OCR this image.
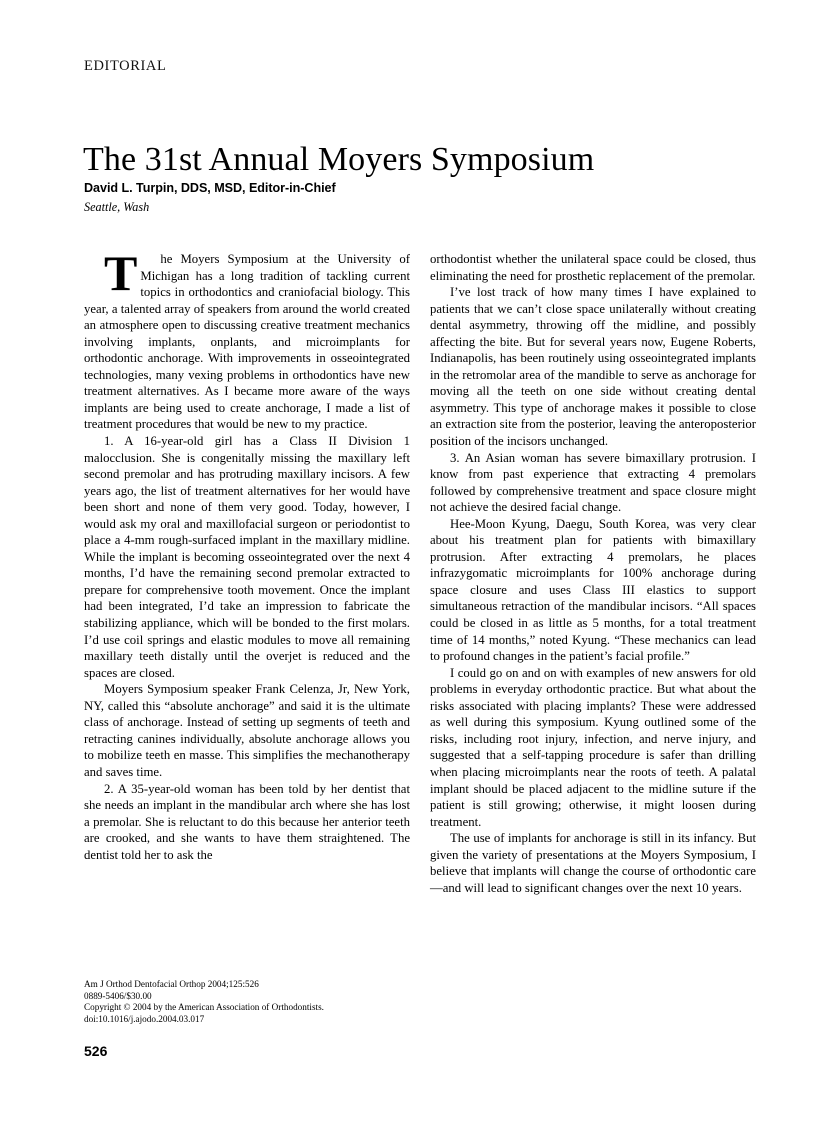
EDITORIAL
The 31st Annual Moyers Symposium
David L. Turpin, DDS, MSD, Editor-in-Chief
Seattle, Wash

T he Moyers Symposium at the University of Michigan has a long tradition of tackling current topics in orthodontics and craniofacial biology. This year, a talented array of speakers from around the world created an atmosphere open to discussing creative treatment mechanics involving implants, onplants, and microimplants for orthodontic anchorage. With improvements in osseointegrated technologies, many vexing problems in orthodontics have new treatment alternatives. As I became more aware of the ways implants are being used to create anchorage, I made a list of treatment procedures that would be new to my practice.

1. A 16-year-old girl has a Class II Division 1 malocclusion. She is congenitally missing the maxillary left second premolar and has protruding maxillary incisors. A few years ago, the list of treatment alternatives for her would have been short and none of them very good. Today, however, I would ask my oral and maxillofacial surgeon or periodontist to place a 4-mm rough-surfaced implant in the maxillary midline. While the implant is becoming osseointegrated over the next 4 months, I’d have the remaining second premolar extracted to prepare for comprehensive tooth movement. Once the implant had been integrated, I’d take an impression to fabricate the stabilizing appliance, which will be bonded to the first molars. I’d use coil springs and elastic modules to move all remaining maxillary teeth distally until the overjet is reduced and the spaces are closed.

Moyers Symposium speaker Frank Celenza, Jr, New York, NY, called this “absolute anchorage” and said it is the ultimate class of anchorage. Instead of setting up segments of teeth and retracting canines individually, absolute anchorage allows you to mobilize teeth en masse. This simplifies the mechanotherapy and saves time.

2. A 35-year-old woman has been told by her dentist that she needs an implant in the mandibular arch where she has lost a premolar. She is reluctant to do this because her anterior teeth are crooked, and she wants to have them straightened. The dentist told her to ask the

orthodontist whether the unilateral space could be closed, thus eliminating the need for prosthetic replacement of the premolar.

I’ve lost track of how many times I have explained to patients that we can’t close space unilaterally without creating dental asymmetry, throwing off the midline, and possibly affecting the bite. But for several years now, Eugene Roberts, Indianapolis, has been routinely using osseointegrated implants in the retromolar area of the mandible to serve as anchorage for moving all the teeth on one side without creating dental asymmetry. This type of anchorage makes it possible to close an extraction site from the posterior, leaving the anteroposterior position of the incisors unchanged.

3. An Asian woman has severe bimaxillary protrusion. I know from past experience that extracting 4 premolars followed by comprehensive treatment and space closure might not achieve the desired facial change.

Hee-Moon Kyung, Daegu, South Korea, was very clear about his treatment plan for patients with bimaxillary protrusion. After extracting 4 premolars, he places infrazygomatic microimplants for 100% anchorage during space closure and uses Class III elastics to support simultaneous retraction of the mandibular incisors. “All spaces could be closed in as little as 5 months, for a total treatment time of 14 months,” noted Kyung. “These mechanics can lead to profound changes in the patient’s facial profile.”

I could go on and on with examples of new answers for old problems in everyday orthodontic practice. But what about the risks associated with placing implants? These were addressed as well during this symposium. Kyung outlined some of the risks, including root injury, infection, and nerve injury, and suggested that a self-tapping procedure is safer than drilling when placing microimplants near the roots of teeth. A palatal implant should be placed adjacent to the midline suture if the patient is still growing; otherwise, it might loosen during treatment.

The use of implants for anchorage is still in its infancy. But given the variety of presentations at the Moyers Symposium, I believe that implants will change the course of orthodontic care—and will lead to significant changes over the next 10 years.

Am J Orthod Dentofacial Orthop 2004;125:526
0889-5406/$30.00
Copyright © 2004 by the American Association of Orthodontists.
doi:10.1016/j.ajodo.2004.03.017
526
